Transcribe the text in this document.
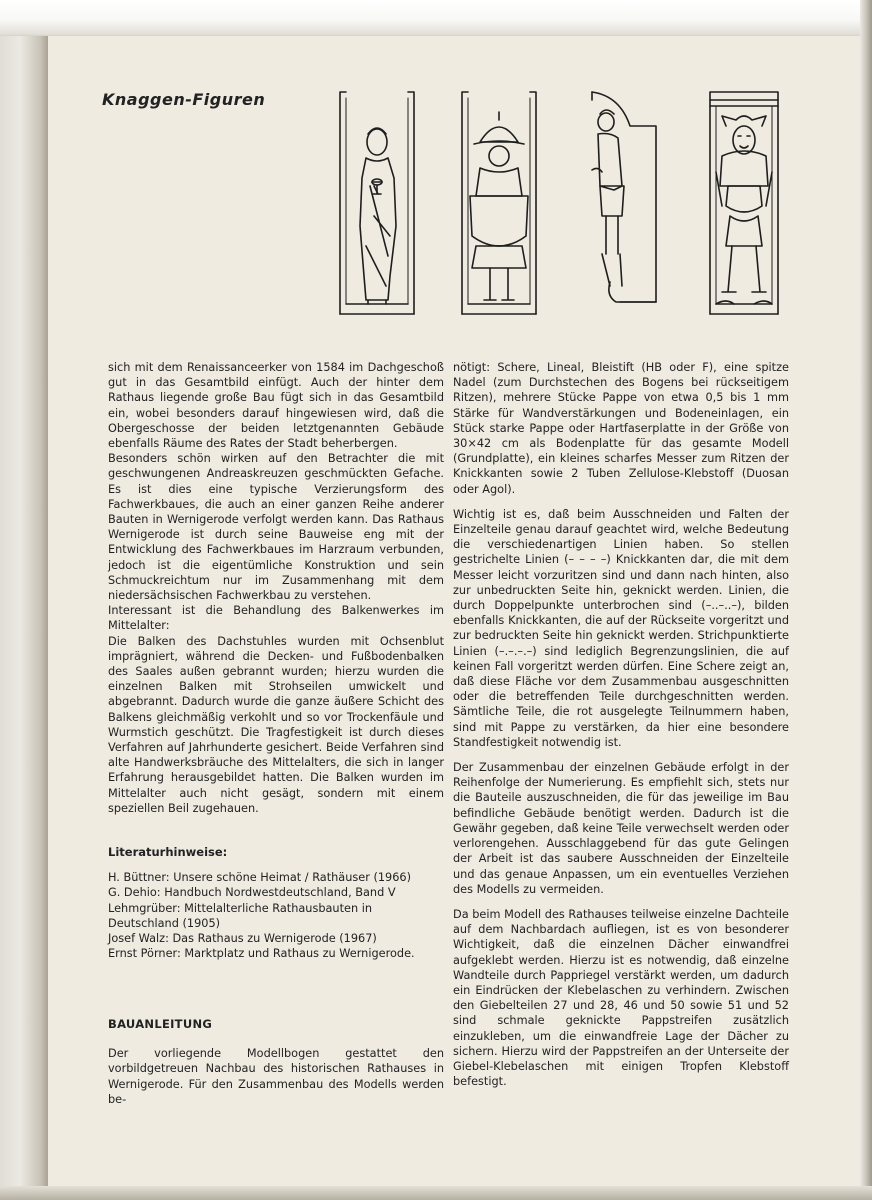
Knaggen-Figuren

sich mit dem Renaissanceerker von 1584 im Dachgeschoß gut in das Gesamtbild einfügt. Auch der hinter dem Rathaus liegende große Bau fügt sich in das Gesamtbild ein, wobei besonders darauf hingewiesen wird, daß die Obergeschosse der beiden letztgenannten Gebäude ebenfalls Räume des Rates der Stadt beherbergen.

Besonders schön wirken auf den Betrachter die mit geschwungenen Andreaskreuzen geschmückten Gefache. Es ist dies eine typische Verzierungsform des Fachwerkbaues, die auch an einer ganzen Reihe anderer Bauten in Wernigerode verfolgt werden kann. Das Rathaus Wernigerode ist durch seine Bauweise eng mit der Entwicklung des Fachwerkbaues im Harzraum verbunden, jedoch ist die eigentümliche Konstruktion und sein Schmuckreichtum nur im Zusammenhang mit dem niedersächsischen Fachwerkbau zu verstehen.

Interessant ist die Behandlung des Balkenwerkes im Mittelalter:

Die Balken des Dachstuhles wurden mit Ochsenblut imprägniert, während die Decken- und Fußbodenbalken des Saales außen gebrannt wurden; hierzu wurden die einzelnen Balken mit Strohseilen umwickelt und abgebrannt. Dadurch wurde die ganze äußere Schicht des Balkens gleichmäßig verkohlt und so vor Trockenfäule und Wurmstich geschützt. Die Tragfestigkeit ist durch dieses Verfahren auf Jahrhunderte gesichert. Beide Verfahren sind alte Handwerksbräuche des Mittelalters, die sich in langer Erfahrung herausgebildet hatten. Die Balken wurden im Mittelalter auch nicht gesägt, sondern mit einem speziellen Beil zugehauen.

Literaturhinweise:
H. Büttner: Unsere schöne Heimat / Rathäuser (1966)
G. Dehio: Handbuch Nordwestdeutschland, Band V
Lehmgrüber: Mittelalterliche Rathausbauten in Deutschland (1905)
Josef Walz: Das Rathaus zu Wernigerode (1967)
Ernst Pörner: Marktplatz und Rathaus zu Wernigerode.
BAUANLEITUNG
Der vorliegende Modellbogen gestattet den vorbildgetreuen Nachbau des historischen Rathauses in Wernigerode. Für den Zusammenbau des Modells werden be-

nötigt: Schere, Lineal, Bleistift (HB oder F), eine spitze Nadel (zum Durchstechen des Bogens bei rückseitigem Ritzen), mehrere Stücke Pappe von etwa 0,5 bis 1 mm Stärke für Wandverstärkungen und Bodeneinlagen, ein Stück starke Pappe oder Hartfaserplatte in der Größe von 30×42 cm als Bodenplatte für das gesamte Modell (Grundplatte), ein kleines scharfes Messer zum Ritzen der Knickkanten sowie 2 Tuben Zellulose-Klebstoff (Duosan oder Agol).

Wichtig ist es, daß beim Ausschneiden und Falten der Einzelteile genau darauf geachtet wird, welche Bedeutung die verschiedenartigen Linien haben. So stellen gestrichelte Linien (– – – –) Knickkanten dar, die mit dem Messer leicht vorzuritzen sind und dann nach hinten, also zur unbedruckten Seite hin, geknickt werden. Linien, die durch Doppelpunkte unterbrochen sind (–..–..–), bilden ebenfalls Knickkanten, die auf der Rückseite vorgeritzt und zur bedruckten Seite hin geknickt werden. Strichpunktierte Linien (–.–.–.–) sind lediglich Begrenzungslinien, die auf keinen Fall vorgeritzt werden dürfen. Eine Schere zeigt an, daß diese Fläche vor dem Zusammenbau ausgeschnitten oder die betreffenden Teile durchgeschnitten werden. Sämtliche Teile, die rot ausgelegte Teilnummern haben, sind mit Pappe zu verstärken, da hier eine besondere Standfestigkeit notwendig ist.

Der Zusammenbau der einzelnen Gebäude erfolgt in der Reihenfolge der Numerierung. Es empfiehlt sich, stets nur die Bauteile auszuschneiden, die für das jeweilige im Bau befindliche Gebäude benötigt werden. Dadurch ist die Gewähr gegeben, daß keine Teile verwechselt werden oder verlorengehen. Ausschlaggebend für das gute Gelingen der Arbeit ist das saubere Ausschneiden der Einzelteile und das genaue Anpassen, um ein eventuelles Verziehen des Modells zu vermeiden.

Da beim Modell des Rathauses teilweise einzelne Dachteile auf dem Nachbardach aufliegen, ist es von besonderer Wichtigkeit, daß die einzelnen Dächer einwandfrei aufgeklebt werden. Hierzu ist es notwendig, daß einzelne Wandteile durch Pappriegel verstärkt werden, um dadurch ein Eindrücken der Klebelaschen zu verhindern. Zwischen den Giebelteilen 27 und 28, 46 und 50 sowie 51 und 52 sind schmale geknickte Pappstreifen zusätzlich einzukleben, um die einwandfreie Lage der Dächer zu sichern. Hierzu wird der Pappstreifen an der Unterseite der Giebel-Klebelaschen mit einigen Tropfen Klebstoff befestigt.
